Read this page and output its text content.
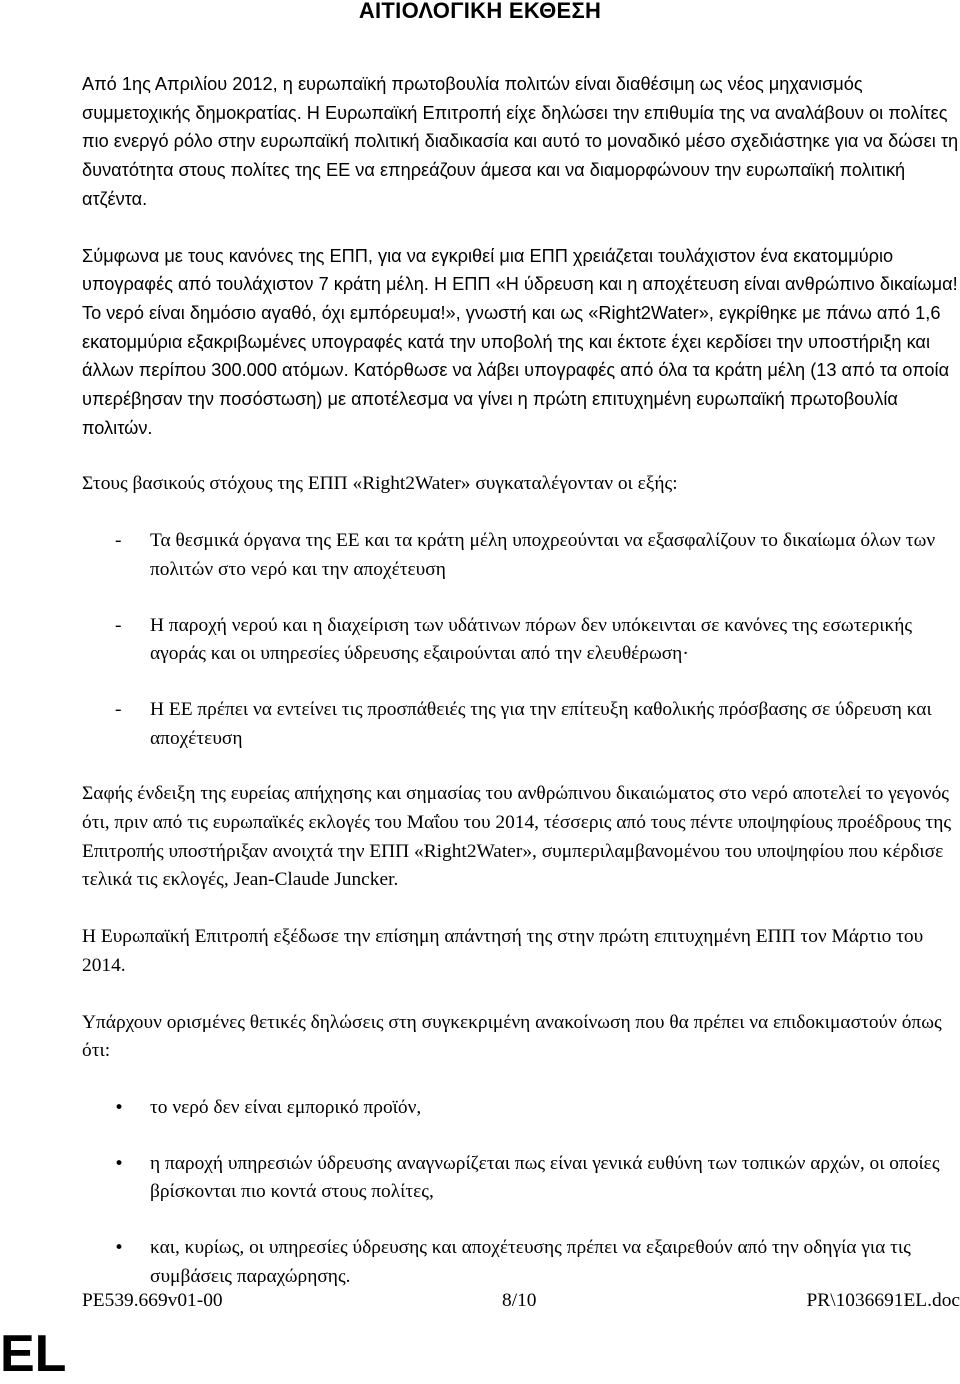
ΑΙΤΙΟΛΟΓΙΚΗ ΕΚΘΕΣΗ

Από 1ης Απριλίου 2012, η ευρωπαϊκή πρωτοβουλία πολιτών είναι διαθέσιμη ως νέος μηχανισμός συμμετοχικής δημοκρατίας. Η Ευρωπαϊκή Επιτροπή είχε δηλώσει την επιθυμία της να αναλάβουν οι πολίτες πιο ενεργό ρόλο στην ευρωπαϊκή πολιτική διαδικασία και αυτό το μοναδικό μέσο σχεδιάστηκε για να δώσει τη δυνατότητα στους πολίτες της ΕΕ να επηρεάζουν άμεσα και να διαμορφώνουν την ευρωπαϊκή πολιτική ατζέντα.

Σύμφωνα με τους κανόνες της ΕΠΠ, για να εγκριθεί μια ΕΠΠ χρειάζεται τουλάχιστον ένα εκατομμύριο υπογραφές από τουλάχιστον 7 κράτη μέλη. Η ΕΠΠ «Η ύδρευση και η αποχέτευση είναι ανθρώπινο δικαίωμα! Το νερό είναι δημόσιο αγαθό, όχι εμπόρευμα!», γνωστή και ως «Right2Water», εγκρίθηκε με πάνω από 1,6 εκατομμύρια εξακριβωμένες υπογραφές κατά την υποβολή της και έκτοτε έχει κερδίσει την υποστήριξη και άλλων περίπου 300.000 ατόμων. Κατόρθωσε να λάβει υπογραφές από όλα τα κράτη μέλη (13 από τα οποία υπερέβησαν την ποσόστωση) με αποτέλεσμα να γίνει η πρώτη επιτυχημένη ευρωπαϊκή πρωτοβουλία πολιτών.

Στους βασικούς στόχους της ΕΠΠ «Right2Water» συγκαταλέγονταν οι εξής:

- Τα θεσμικά όργανα της ΕΕ και τα κράτη μέλη υποχρεούνται να εξασφαλίζουν το δικαίωμα όλων των πολιτών στο νερό και την αποχέτευση
- Η παροχή νερού και η διαχείριση των υδάτινων πόρων δεν υπόκεινται σε κανόνες της εσωτερικής αγοράς και οι υπηρεσίες ύδρευσης εξαιρούνται από την ελευθέρωση·
- Η ΕΕ πρέπει να εντείνει τις προσπάθειές της για την επίτευξη καθολικής πρόσβασης σε ύδρευση και αποχέτευση

Σαφής ένδειξη της ευρείας απήχησης και σημασίας του ανθρώπινου δικαιώματος στο νερό αποτελεί το γεγονός ότι, πριν από τις ευρωπαϊκές εκλογές του Μαΐου του 2014, τέσσερις από τους πέντε υποψηφίους προέδρους της Επιτροπής υποστήριξαν ανοιχτά την ΕΠΠ «Right2Water», συμπεριλαμβανομένου του υποψηφίου που κέρδισε τελικά τις εκλογές, Jean-Claude Juncker.

Η Ευρωπαϊκή Επιτροπή εξέδωσε την επίσημη απάντησή της στην πρώτη επιτυχημένη ΕΠΠ τον Μάρτιο του 2014.

Υπάρχουν ορισμένες θετικές δηλώσεις στη συγκεκριμένη ανακοίνωση που θα πρέπει να επιδοκιμαστούν όπως ότι:

• το νερό δεν είναι εμπορικό προϊόν,
• η παροχή υπηρεσιών ύδρευσης αναγνωρίζεται πως είναι γενικά ευθύνη των τοπικών αρχών, οι οποίες βρίσκονται πιο κοντά στους πολίτες,
• και, κυρίως, οι υπηρεσίες ύδρευσης και αποχέτευσης πρέπει να εξαιρεθούν από την οδηγία για τις συμβάσεις παραχώρησης.
PE539.669v01-00	8/10	PR\1036691EL.doc
EL
